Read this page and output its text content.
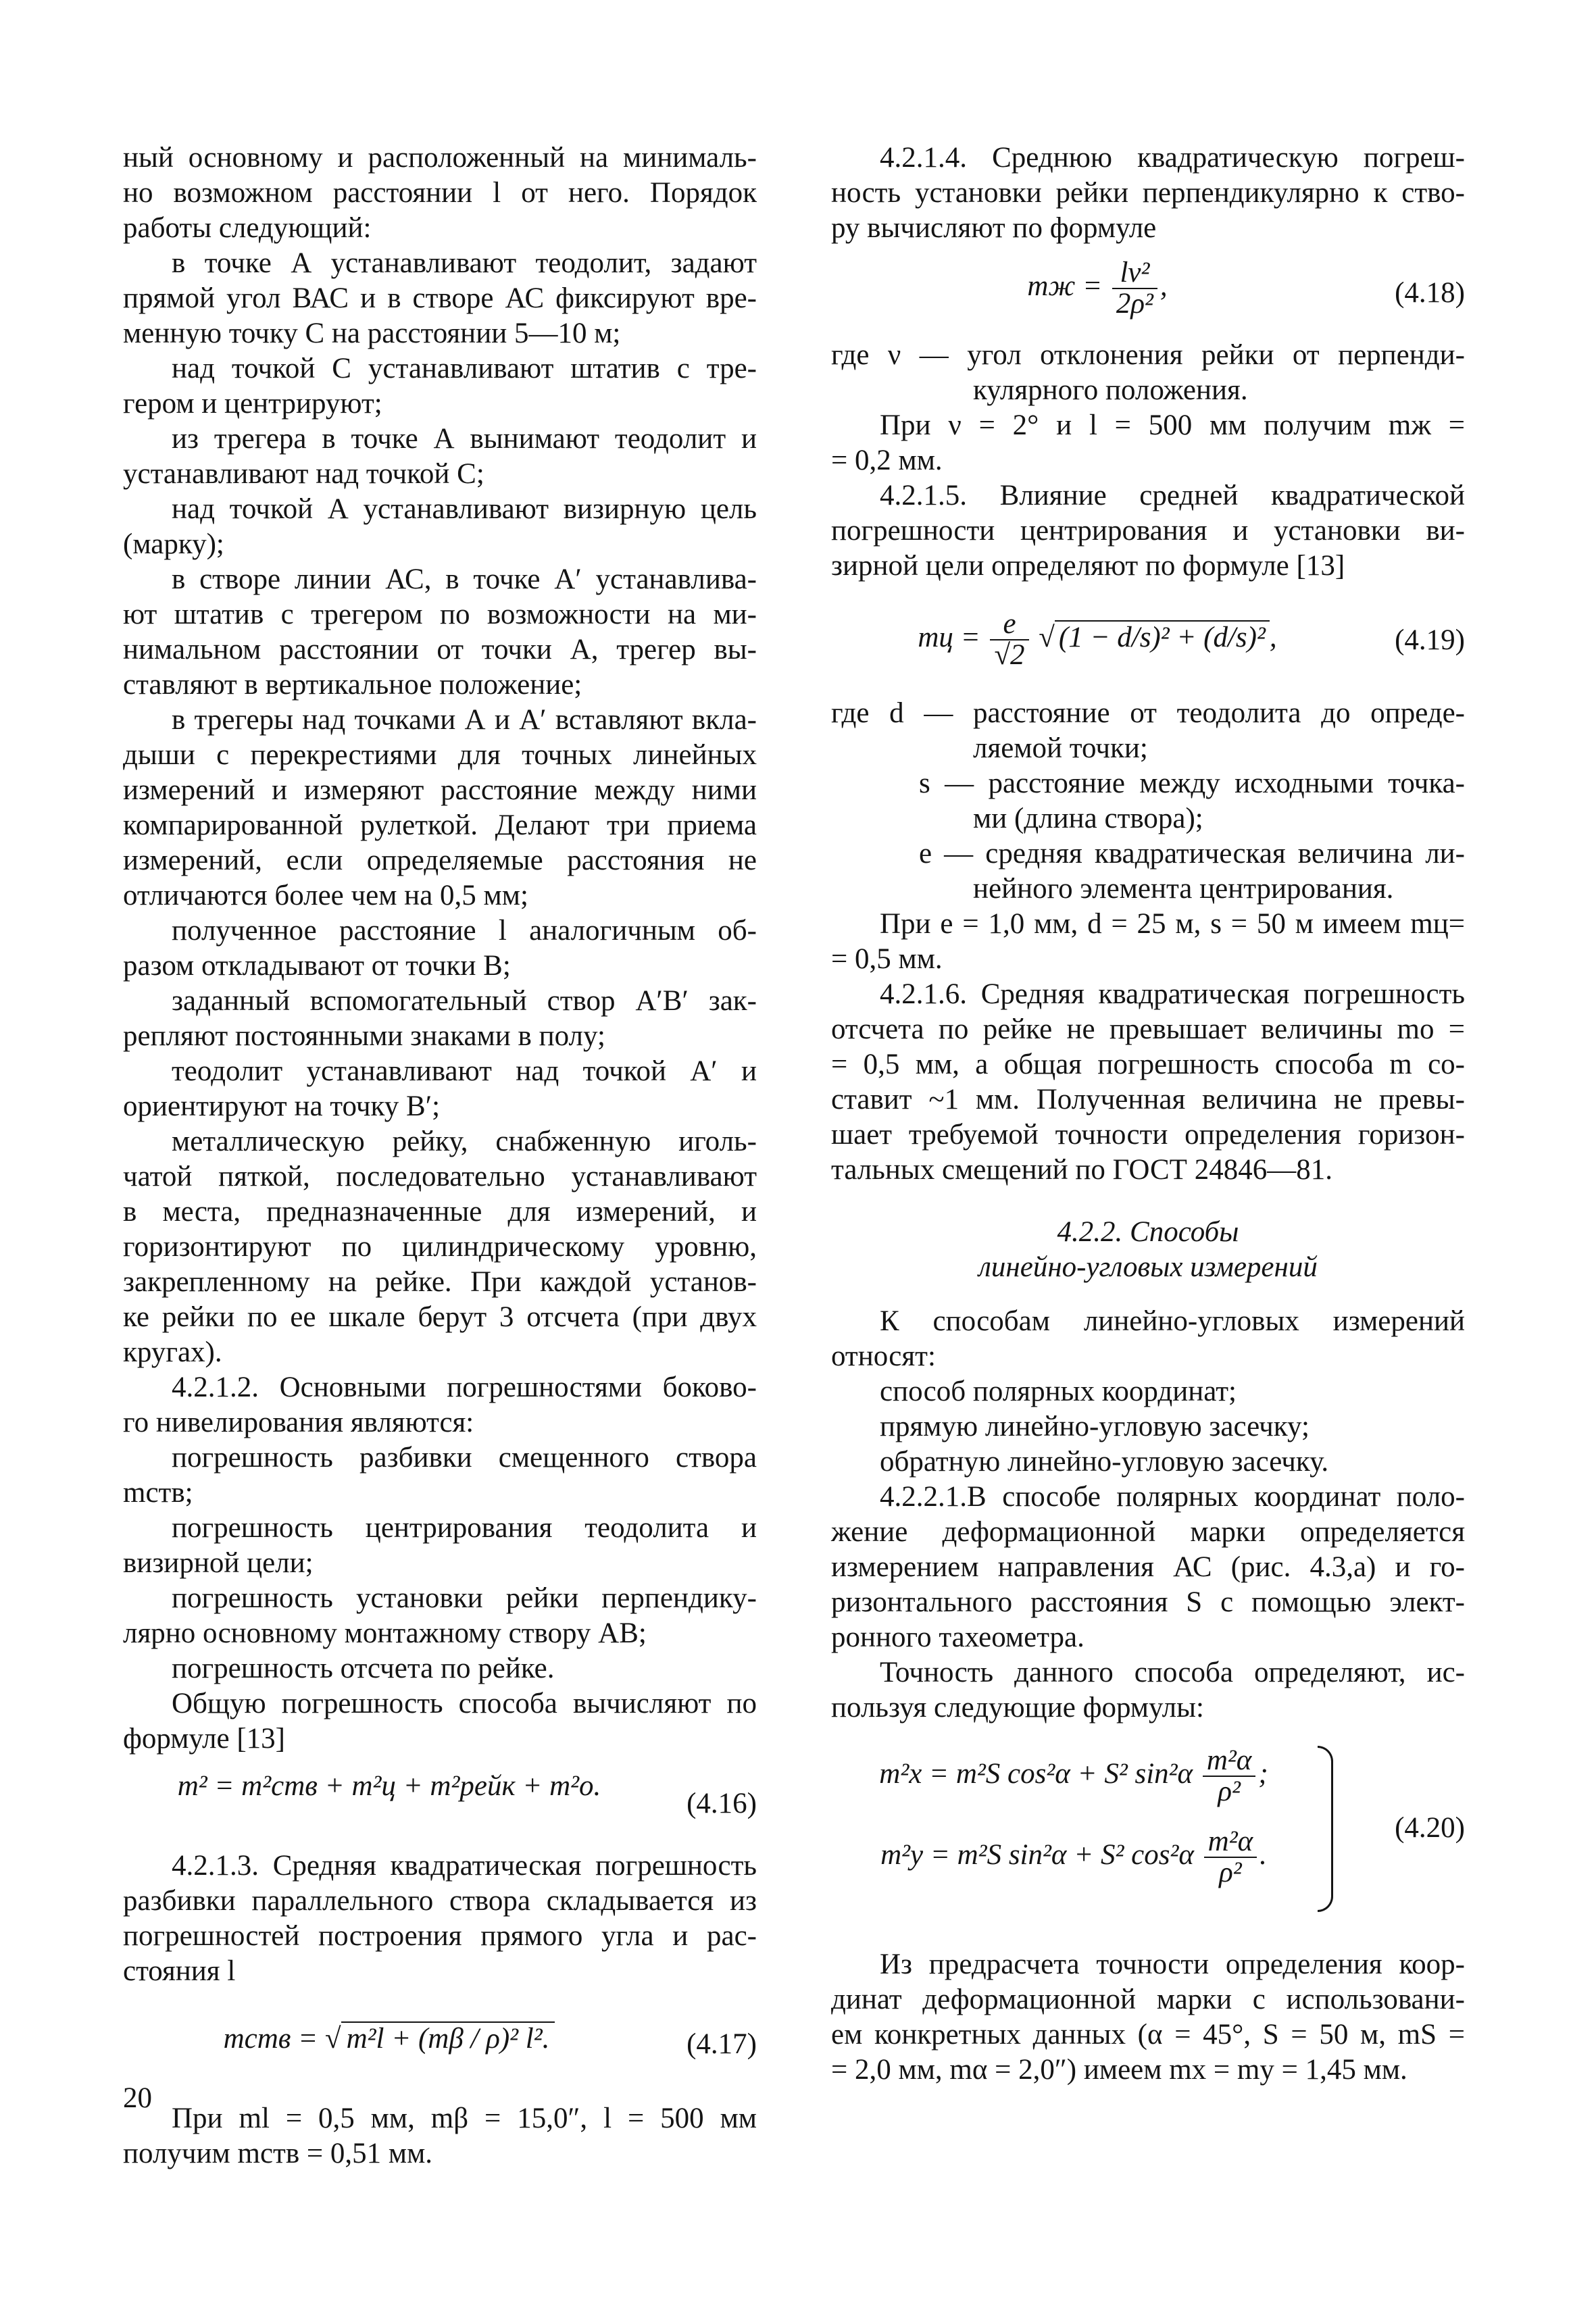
ный основному и расположенный на минималь-
но возможном расстоянии l от него. Порядок
работы следующий:
в точке А устанавливают теодолит, задают
прямой угол ВАС и в створе АС фиксируют вре-
менную точку С на расстоянии 5—10 м;
над точкой С устанавливают штатив с тре-
гером и центрируют;
из трегера в точке А вынимают теодолит и
устанавливают над точкой С;
над точкой А устанавливают визирную цель
(марку);
в створе линии АС, в точке А′ устанавлива-
ют штатив с трегером по возможности на ми-
нимальном расстоянии от точки А, трегер вы-
ставляют в вертикальное положение;
в трегеры над точками А и А′ вставляют вкла-
дыши с перекрестиями для точных линейных
измерений и измеряют расстояние между ними
компарированной рулеткой. Делают три приема
измерений, если определяемые расстояния не
отличаются более чем на 0,5 мм;
полученное расстояние l аналогичным об-
разом откладывают от точки В;
заданный вспомогательный створ А′В′ зак-
репляют постоянными знаками в полу;
теодолит устанавливают над точкой А′ и
ориентируют на точку В′;
металлическую рейку, снабженную иголь-
чатой пяткой, последовательно устанавливают
в места, предназначенные для измерений, и
горизонтируют по цилиндрическому уровню,
закрепленному на рейке. При каждой установ-
ке рейки по ее шкале берут 3 отсчета (при двух
кругах).
4.2.1.2. Основными погрешностями боково-
го нивелирования являются:
погрешность разбивки смещенного створа
mств;
погрешность центрирования теодолита и
визирной цели;
погрешность установки рейки перпендику-
лярно основному монтажному створу АВ;
погрешность отсчета по рейке.
Общую погрешность способа вычисляют по
формуле [13]
m² = m²ств + m²ц + m²рейк + m²о.
(4.16)
4.2.1.3. Средняя квадратическая погрешность
разбивки параллельного створа складывается из
погрешностей построения прямого угла и рас-
стояния l
mств = √ m²l + (mβ / ρ)² l².	(4.17)
При ml = 0,5 мм, mβ = 15,0″, l = 500 мм
получим mств = 0,51 мм.
20
4.2.1.4. Среднюю квадратическую погреш-
ность установки рейки перпендикулярно к ство-
ру вычисляют по формуле
mж = $\frac{\text{lv²}}{\text{2ρ²}}$ ,	(4.18)
где ν — угол отклонения рейки от перпенди-
кулярного положения.
При ν = 2° и l = 500 мм получим mж =
= 0,2 мм.
4.2.1.5. Влияние средней квадратической
погрешности центрирования и установки ви-
зирной цели определяют по формуле [13]
mц = $\frac{e}{√2}$ √ (1 − d/s)² + (d/s)² ,	(4.19)
где d — расстояние от теодолита до опреде-
ляемой точки;
s — расстояние между исходными точка-
ми (длина створа);
e — средняя квадратическая величина ли-
нейного элемента центрирования.
При e = 1,0 мм, d = 25 м, s = 50 м имеем mц=
= 0,5 мм.
4.2.1.6. Средняя квадратическая погрешность
отсчета по рейке не превышает величины mо =
= 0,5 мм, а общая погрешность способа m со-
ставит ~1 мм. Полученная величина не превы-
шает требуемой точности определения горизон-
тальных смещений по ГОСТ 24846—81.
4.2.2. Способы
линейно-угловых измерений
К способам линейно-угловых измерений
относят:
способ полярных координат;
прямую линейно-угловую засечку;
обратную линейно-угловую засечку.
4.2.2.1.В способе полярных координат поло-
жение деформационной марки определяется
измерением направления АС (рис. 4.3,а) и го-
ризонтального расстояния S с помощью элект-
ронного тахеометра.
Точность данного способа определяют, ис-
пользуя следующие формулы:
m²x = m²S cos²α + S² $\sin^2\alpha \frac{\text{m²α}}{\text{ρ²}}$ ;
m²y = m²S sin²α + S² $\cos^2\alpha \frac{\text{m²α}}{\text{ρ²}}$ .
(4.20)
Из предрасчета точности определения коор-
динат деформационной марки с использовани-
ем конкретных данных (α = 45°, S = 50 м, mS =
= 2,0 мм, mα = 2,0″) имеем mx = my = 1,45 мм.
